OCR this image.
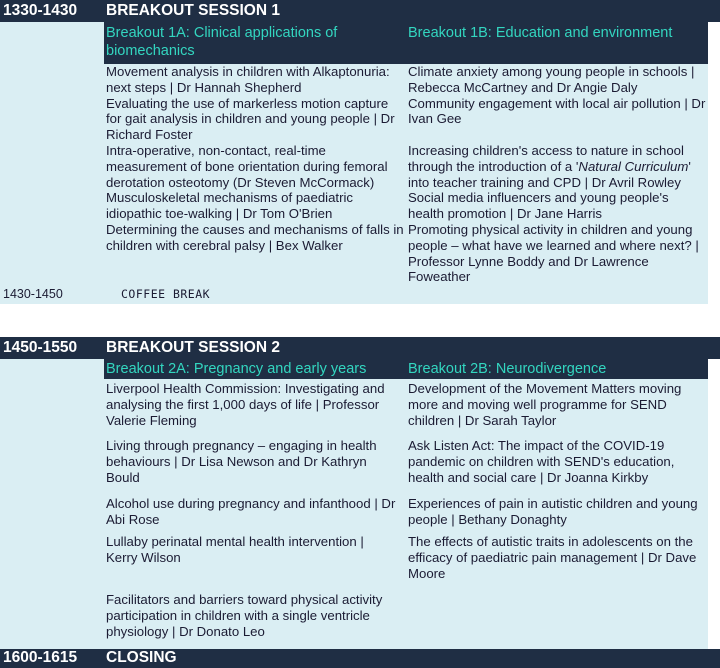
1330-1430 BREAKOUT SESSION 1
Breakout 1A: Clinical applications of biomechanics
Breakout 1B: Education and environment
Movement analysis in children with Alkaptonuria: next steps | Dr Hannah Shepherd
Evaluating the use of markerless motion capture for gait analysis in children and young people | Dr Richard Foster
Intra-operative, non-contact, real-time measurement of bone orientation during femoral derotation osteotomy (Dr Steven McCormack)
Musculoskeletal mechanisms of paediatric idiopathic toe-walking | Dr Tom O'Brien
Determining the causes and mechanisms of falls in children with cerebral palsy | Bex Walker
Climate anxiety among young people in schools | Rebecca McCartney and Dr Angie Daly
Community engagement with local air pollution | Dr Ivan Gee
Increasing children's access to nature in school through the introduction of a 'Natural Curriculum' into teacher training and CPD | Dr Avril Rowley
Social media influencers and young people's health promotion | Dr Jane Harris
Promoting physical activity in children and young people – what have we learned and where next? | Professor Lynne Boddy and Dr Lawrence Foweather
1430-1450	COFFEE BREAK
1450-1550 BREAKOUT SESSION 2
Breakout 2A: Pregnancy and early years	Breakout 2B: Neurodivergence
Liverpool Health Commission: Investigating and analysing the first 1,000 days of life | Professor Valerie Fleming
Living through pregnancy – engaging in health behaviours | Dr Lisa Newson and Dr Kathryn Bould
Alcohol use during pregnancy and infanthood | Dr Abi Rose
Lullaby perinatal mental health intervention | Kerry Wilson
Facilitators and barriers toward physical activity participation in children with a single ventricle physiology | Dr Donato Leo
Development of the Movement Matters moving more and moving well programme for SEND children | Dr Sarah Taylor
Ask Listen Act: The impact of the COVID-19 pandemic on children with SEND's education, health and social care | Dr Joanna Kirkby
Experiences of pain in autistic children and young people | Bethany Donaghty
The effects of autistic traits in adolescents on the efficacy of paediatric pain management | Dr Dave Moore
1600-1615 CLOSING
